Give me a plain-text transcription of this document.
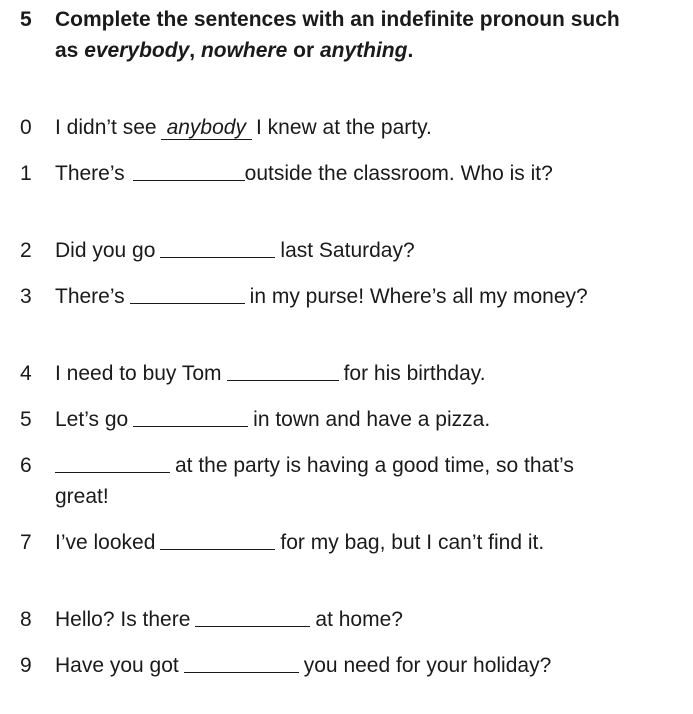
5	Complete the sentences with an indefinite pronoun such as everybody, nowhere or anything.
0	I didn’t see anybody I knew at the party.
1	There’s	outside the classroom. Who is it?
2	Did you go	last Saturday?
3	There’s	in my purse! Where’s all my money?
4	I need to buy Tom	for his birthday.
5	Let’s go	in town and have a pizza.
6	at the party is having a good time, so that’s great!
7	I’ve looked	for my bag, but I can’t find it.
8	Hello? Is there	at home?
9	Have you got	you need for your holiday?
